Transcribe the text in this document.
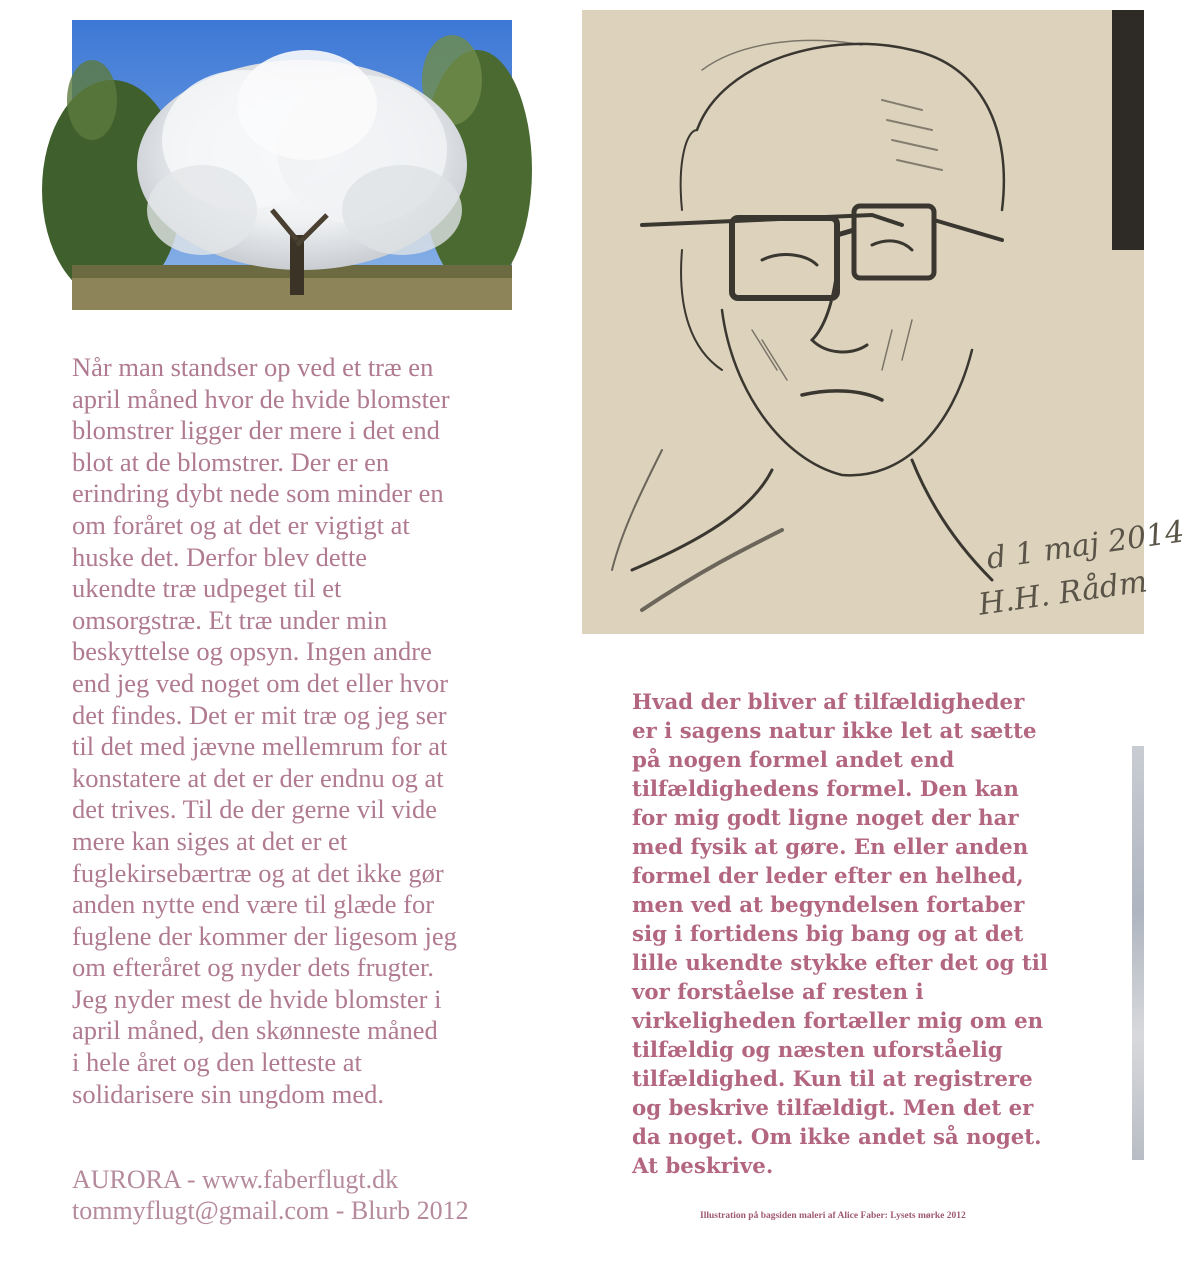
Når man standser op ved et træ en
april måned hvor de hvide blomster
blomstrer ligger der mere i det end
blot at de blomstrer. Der er en
erindring dybt nede som minder en
om foråret og at det er vigtigt at
huske det. Derfor blev dette
ukendte træ udpeget til et
omsorgstræ. Et træ under min
beskyttelse og opsyn. Ingen andre
end jeg ved noget om det eller hvor
det findes. Det er mit træ og jeg ser
til det med jævne mellemrum for at
konstatere at det er der endnu og at
det trives. Til de der gerne vil vide
mere kan siges at det er et
fuglekirsebærtræ og at det ikke gør
anden nytte end være til glæde for
fuglene der kommer der ligesom jeg
om efteråret og nyder dets frugter.
Jeg nyder mest de hvide blomster i
april måned, den skønneste måned
i hele året og den letteste at
solidarisere sin ungdom med.
AURORA - www.faberflugt.dk
tommyflugt@gmail.com - Blurb 2012
d 1 maj 2014
H.H. Rådm
Hvad der bliver af tilfældigheder
er i sagens natur ikke let at sætte
på nogen formel andet end
tilfældighedens formel. Den kan
for mig godt ligne noget der har
med fysik at gøre. En eller anden
formel der leder efter en helhed,
men ved at begyndelsen fortaber
sig i fortidens big bang og at det
lille ukendte stykke efter det og til
vor forståelse af resten i
virkeligheden fortæller mig om en
tilfældig og næsten uforståelig
tilfældighed. Kun til at registrere
og beskrive tilfældigt. Men det er
da noget. Om ikke andet så noget.
At beskrive.
Illustration på bagsiden maleri af Alice Faber: Lysets mørke 2012
